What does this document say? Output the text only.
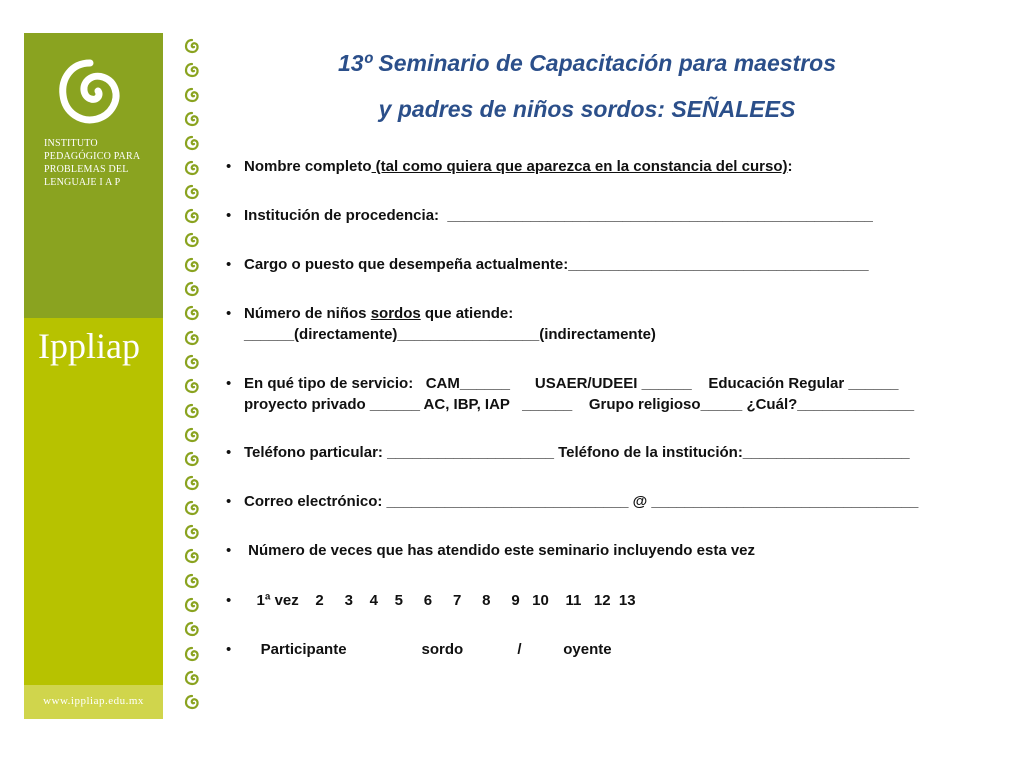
INSTITUTO
PEDAGÓGICO PARA
PROBLEMAS DEL
LENGUAJE I A P
Ippliap
www.ippliap.edu.mx
13º Seminario de Capacitación para maestros
y padres de niños sordos: SEÑALEES
• Nombre completo (tal como quiera que aparezca en la constancia del curso):
• Institución de procedencia:  ___________________________________________________
• Cargo o puesto que desempeña actualmente:____________________________________
• Número de niños sordos que atiende:
______(directamente)_________________(indirectamente)
• En qué tipo de servicio:   CAM______      USAER/UDEEI ______    Educación Regular ______
proyecto privado ______ AC, IBP, IAP   ______    Grupo religioso_____ ¿Cuál?______________
• Teléfono particular: ____________________ Teléfono de la institución:____________________
• Correo electrónico: _____________________________ @ ________________________________
• Número de veces que has atendido este seminario incluyendo esta vez
• 1ª vez    2     3    4    5     6     7     8     9   10    11   12  13
• Participante                  sordo             /          oyente
